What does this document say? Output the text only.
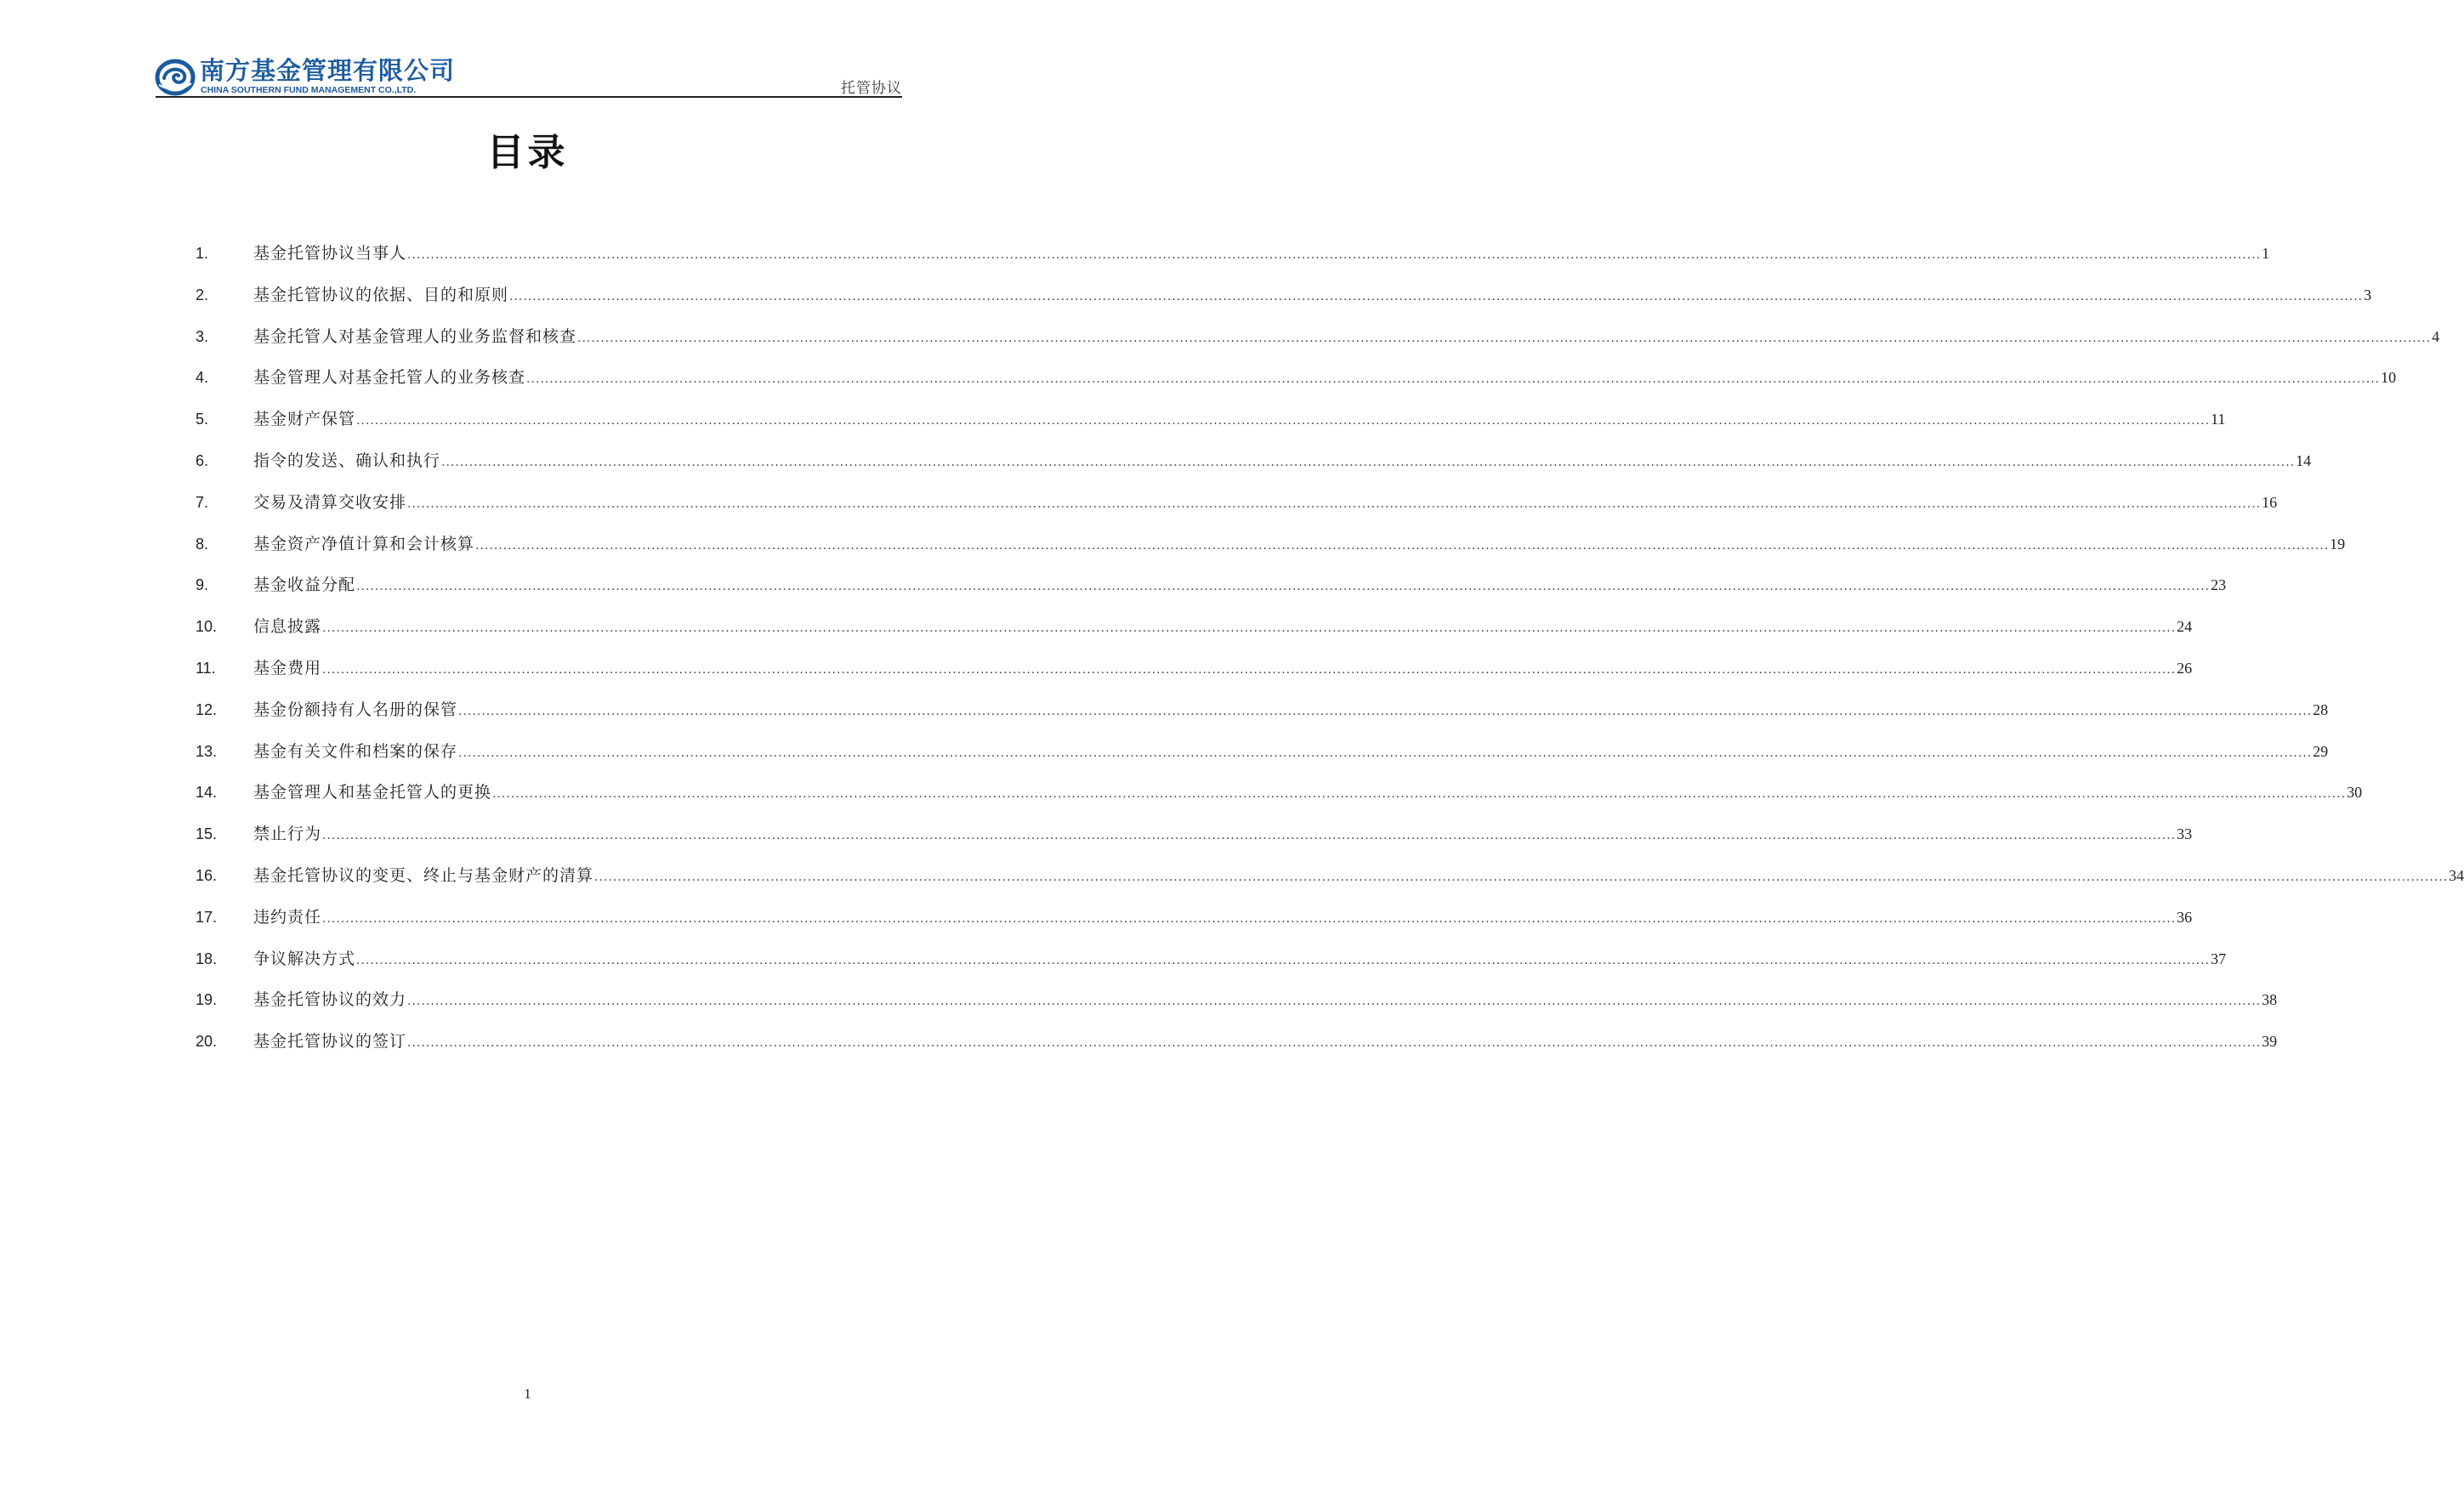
南方基金管理有限公司
CHINA SOUTHERN FUND MANAGEMENT CO.,LTD.	托管协议
目录
1.	基金托管协议当事人 ................................................................................................................................................................................................................................................................................................................................................................................................................ 1
2.	基金托管协议的依据、目的和原则 ................................................................................................................................................................................................................................................................................................................................................................................................................ 3
3.	基金托管人对基金管理人的业务监督和核查 ................................................................................................................................................................................................................................................................................................................................................................................................................ 4
4.	基金管理人对基金托管人的业务核查 ................................................................................................................................................................................................................................................................................................................................................................................................................ 10
5.	基金财产保管 ................................................................................................................................................................................................................................................................................................................................................................................................................ 11
6.	指令的发送、确认和执行 ................................................................................................................................................................................................................................................................................................................................................................................................................ 14
7.	交易及清算交收安排 ................................................................................................................................................................................................................................................................................................................................................................................................................ 16
8.	基金资产净值计算和会计核算 ................................................................................................................................................................................................................................................................................................................................................................................................................ 19
9.	基金收益分配 ................................................................................................................................................................................................................................................................................................................................................................................................................ 23
10.	信息披露 ................................................................................................................................................................................................................................................................................................................................................................................................................ 24
11.	基金费用 ................................................................................................................................................................................................................................................................................................................................................................................................................ 26
12.	基金份额持有人名册的保管 ................................................................................................................................................................................................................................................................................................................................................................................................................ 28
13.	基金有关文件和档案的保存 ................................................................................................................................................................................................................................................................................................................................................................................................................ 29
14.	基金管理人和基金托管人的更换 ................................................................................................................................................................................................................................................................................................................................................................................................................ 30
15.	禁止行为 ................................................................................................................................................................................................................................................................................................................................................................................................................ 33
16.	基金托管协议的变更、终止与基金财产的清算 ................................................................................................................................................................................................................................................................................................................................................................................................................ 34
17.	违约责任 ................................................................................................................................................................................................................................................................................................................................................................................................................ 36
18.	争议解决方式 ................................................................................................................................................................................................................................................................................................................................................................................................................ 37
19.	基金托管协议的效力 ................................................................................................................................................................................................................................................................................................................................................................................................................ 38
20.	基金托管协议的签订 ................................................................................................................................................................................................................................................................................................................................................................................................................ 39
1
